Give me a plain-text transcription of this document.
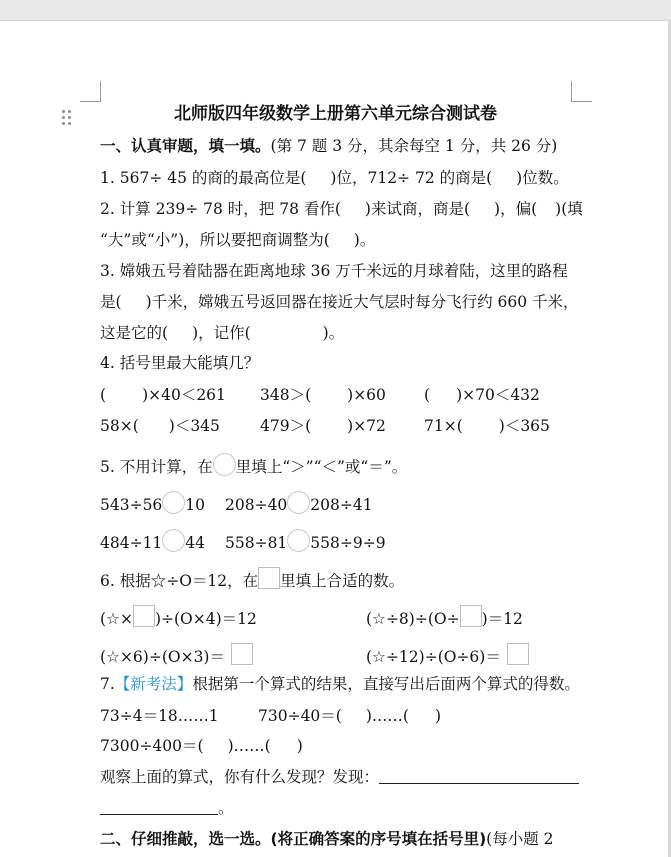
北师版四年级数学上册第六单元综合测试卷
一、认真审题，填一填。(第 7 题 3 分，其余每空 1 分，共 26 分)
1. 567÷ 45 的商的最高位是( )位，712÷ 72 的商是( )位数。
2. 计算 239÷ 78 时，把 78 看作( )来试商，商是( )，偏( )(填
“大”或“小”)，所以要把商调整为( )。
3. 嫦娥五号着陆器在距离地球 36 万千米远的月球着陆，这里的路程
是( )千米，嫦娥五号返回器在接近大气层时每分飞行约 660 千米，
这是它的( )，记作(	)。
4. 括号里最大能填几？
( )×40＜261 348＞( )×60 ( )×70＜432
58×( )＜345	479＞( )×72 71×( )＜365
5. 不用计算，在 里填上“＞”“＜”或“＝”。
543÷56 10 208÷40 208÷41
484÷11 44 558÷81 558÷9÷9
6. 根据☆÷O＝12，在 里填上合适的数。
(☆× )÷(O×4)＝12	(☆÷8)÷(O÷ )＝12
(☆×6)÷(O×3)＝	(☆÷12)÷(O÷6)＝
7.【新考法】根据第一个算式的结果，直接写出后面两个算式的得数。
73÷4＝18……1	730÷40＝( )……( )
7300÷400＝( )……( )
观察上面的算式，你有什么发现？发现：
。
二、仔细推敲，选一选。(将正确答案的序号填在括号里)(每小题 2
